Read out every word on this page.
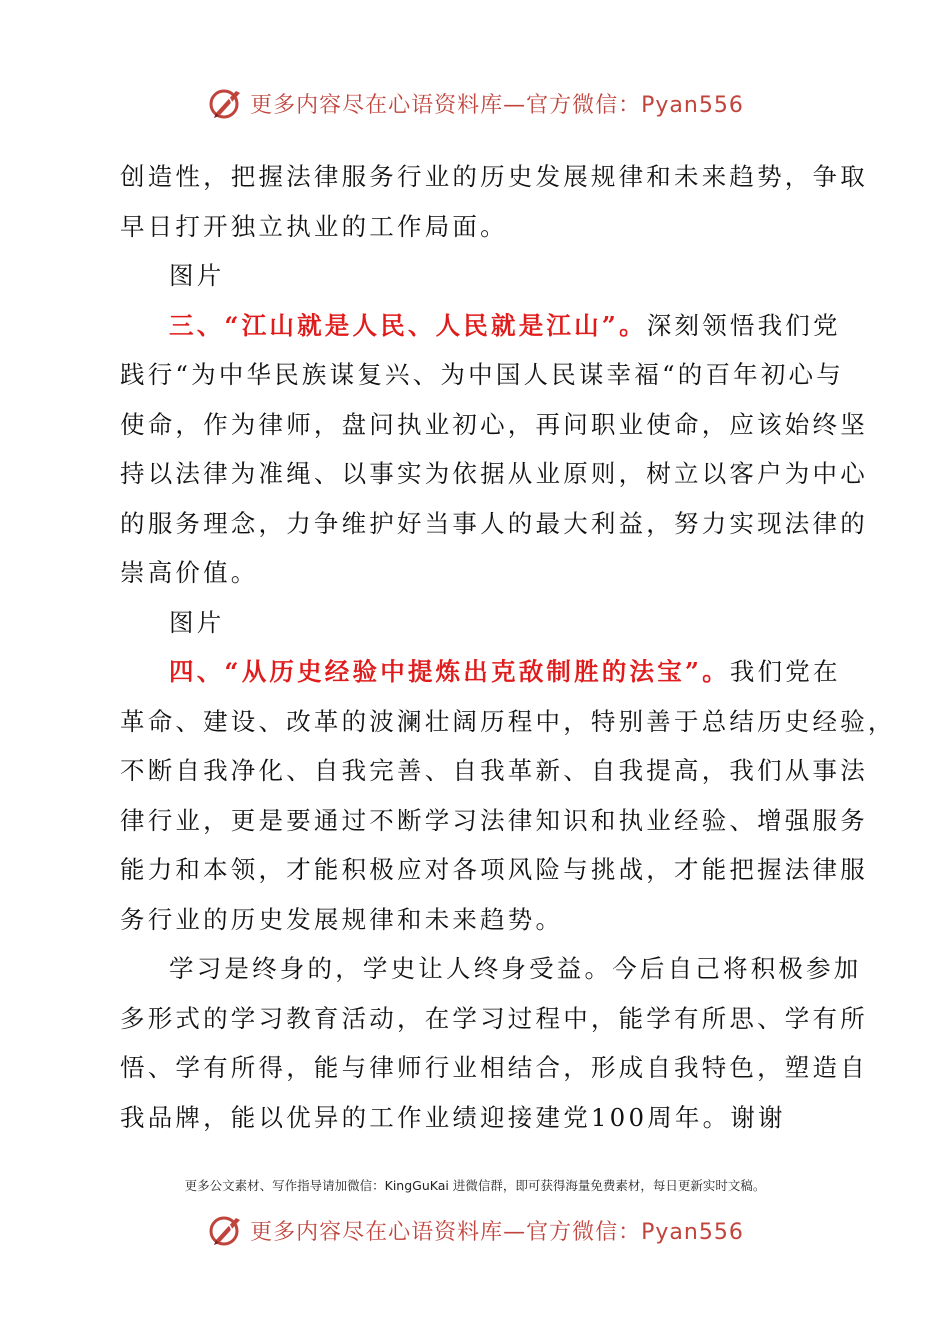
更多内容尽在心语资料库—官方微信：Pyan556
创造性，把握法律服务行业的历史发展规律和未来趋势，争取
早日打开独立执业的工作局面。
图片
三、“江山就是人民、人民就是江山”。深刻领悟我们党
践行“为中华民族谋复兴、为中国人民谋幸福“的百年初心与
使命，作为律师，盘问执业初心，再问职业使命，应该始终坚
持以法律为准绳、以事实为依据从业原则，树立以客户为中心
的服务理念，力争维护好当事人的最大利益，努力实现法律的
崇高价值。
图片
四、“从历史经验中提炼出克敌制胜的法宝”。我们党在
革命、建设、改革的波澜壮阔历程中，特别善于总结历史经验，
不断自我净化、自我完善、自我革新、自我提高，我们从事法
律行业，更是要通过不断学习法律知识和执业经验、增强服务
能力和本领，才能积极应对各项风险与挑战，才能把握法律服
务行业的历史发展规律和未来趋势。
学习是终身的，学史让人终身受益。今后自己将积极参加
多形式的学习教育活动，在学习过程中，能学有所思、学有所
悟、学有所得，能与律师行业相结合，形成自我特色，塑造自
我品牌，能以优异的工作业绩迎接建党100周年。谢谢
更多公文素材、写作指导请加微信：KingGuKai 进微信群，即可获得海量免费素材，每日更新实时文稿。
更多内容尽在心语资料库—官方微信：Pyan556
